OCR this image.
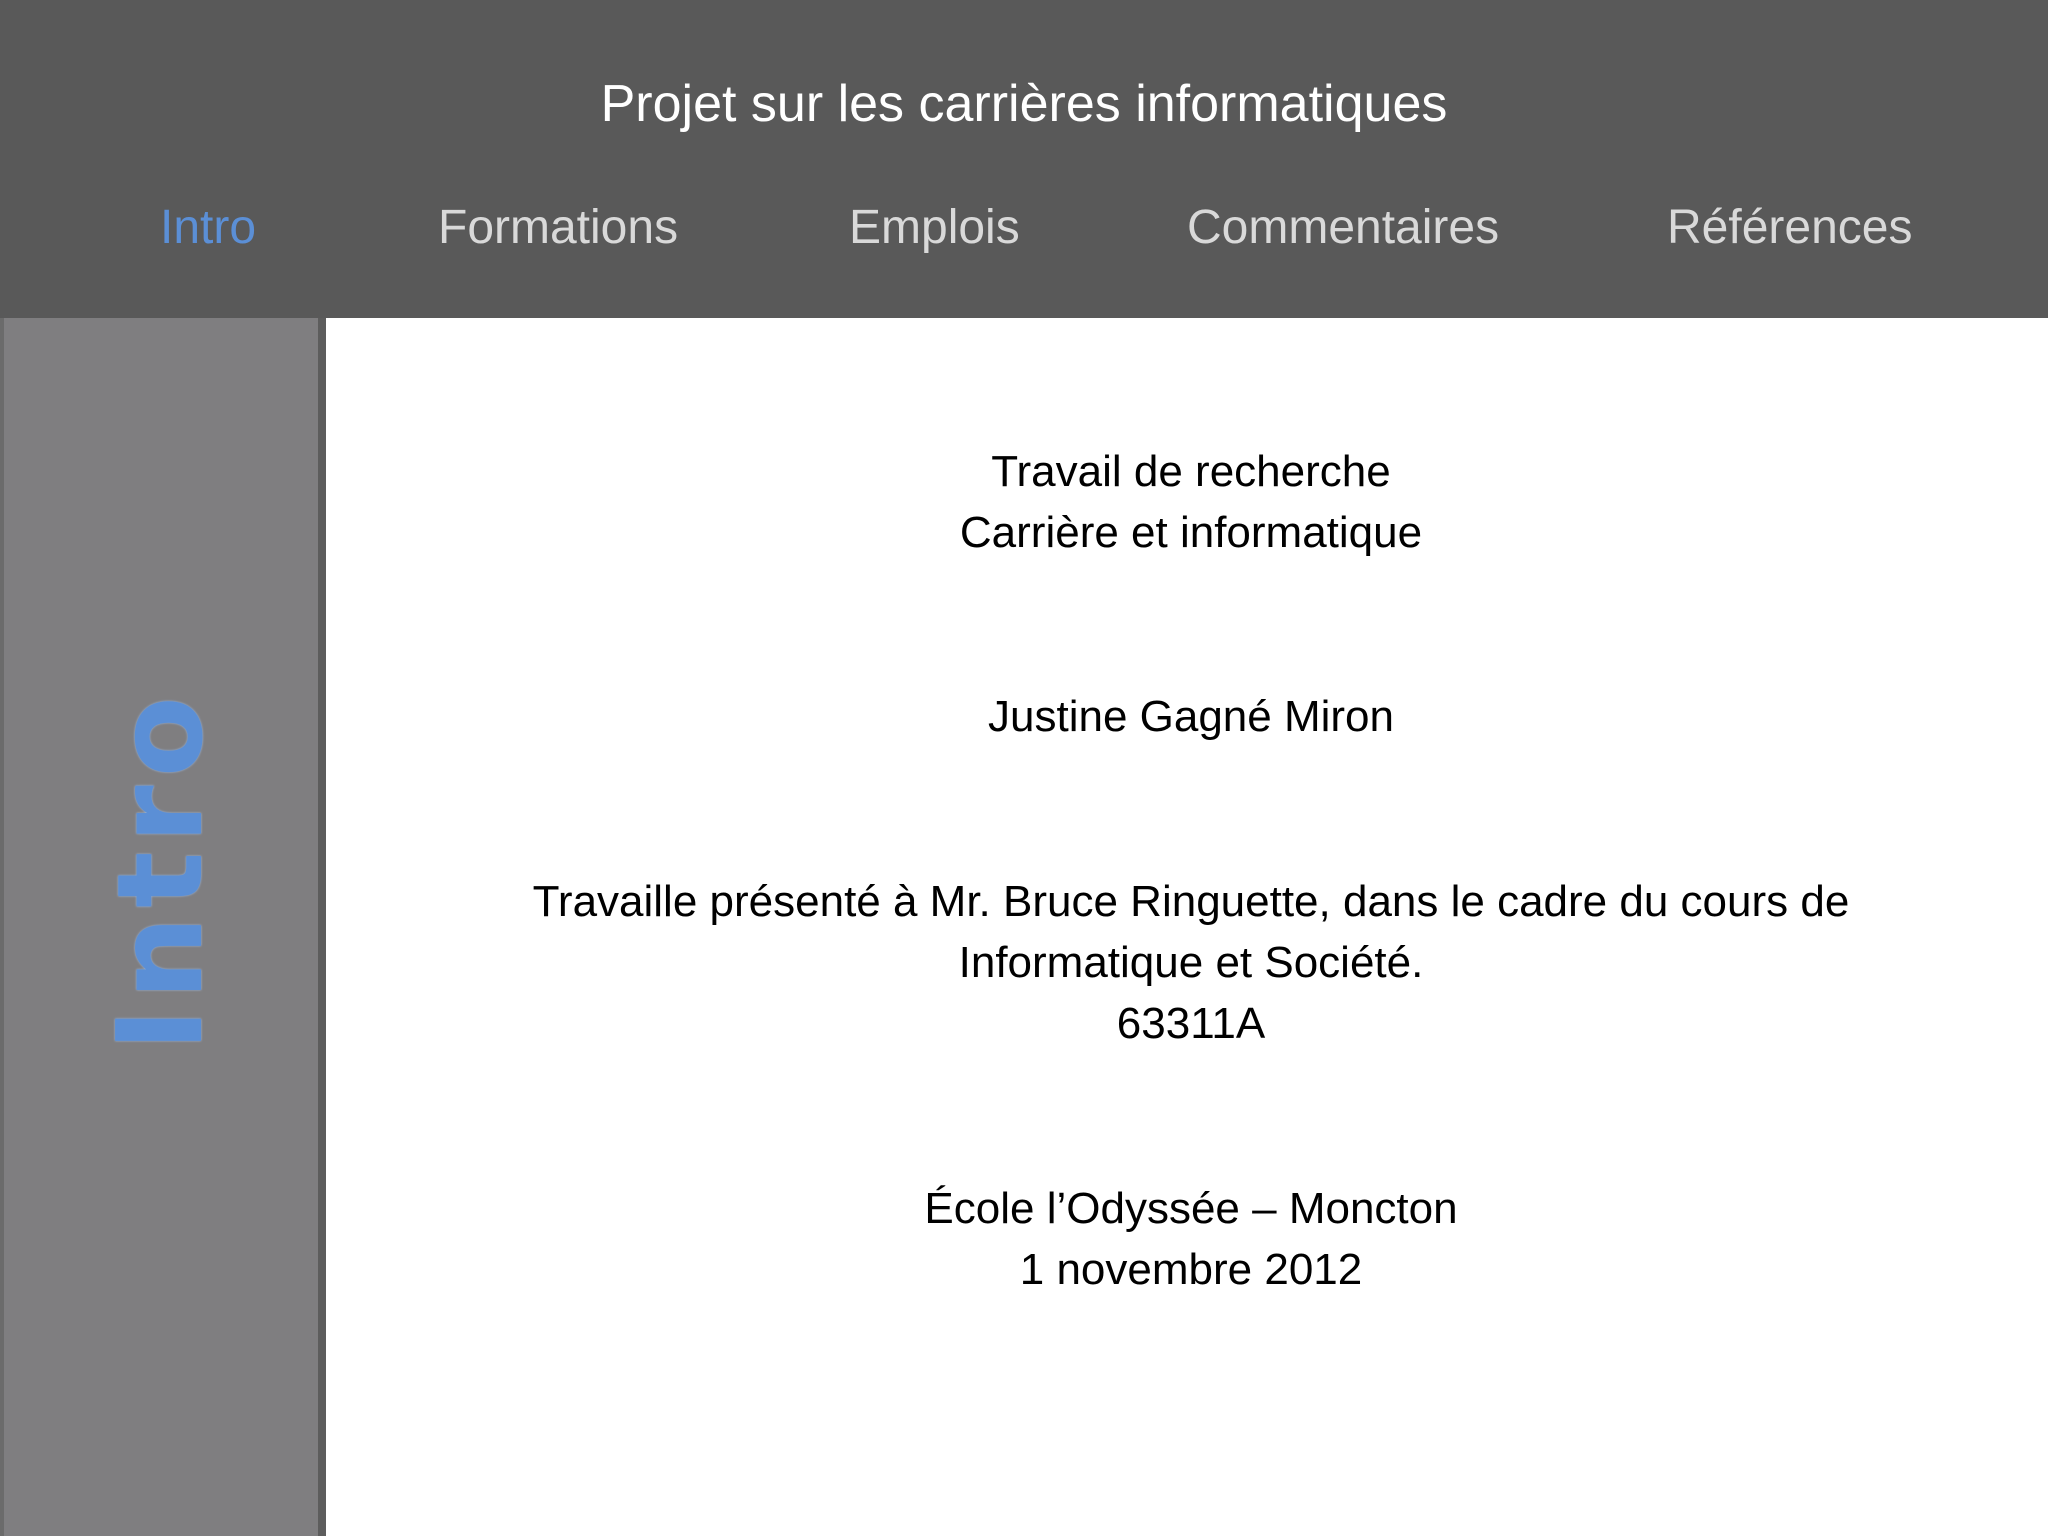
Projet sur les carrières informatiques
Intro	Formations	Emplois	Commentaires	Références
Intro
Travail de recherche
Carrière et informatique
Justine Gagné Miron
Travaille présenté à Mr. Bruce Ringuette, dans le cadre du cours de
Informatique et Société.
63311A
École l’Odyssée – Moncton
1 novembre 2012
